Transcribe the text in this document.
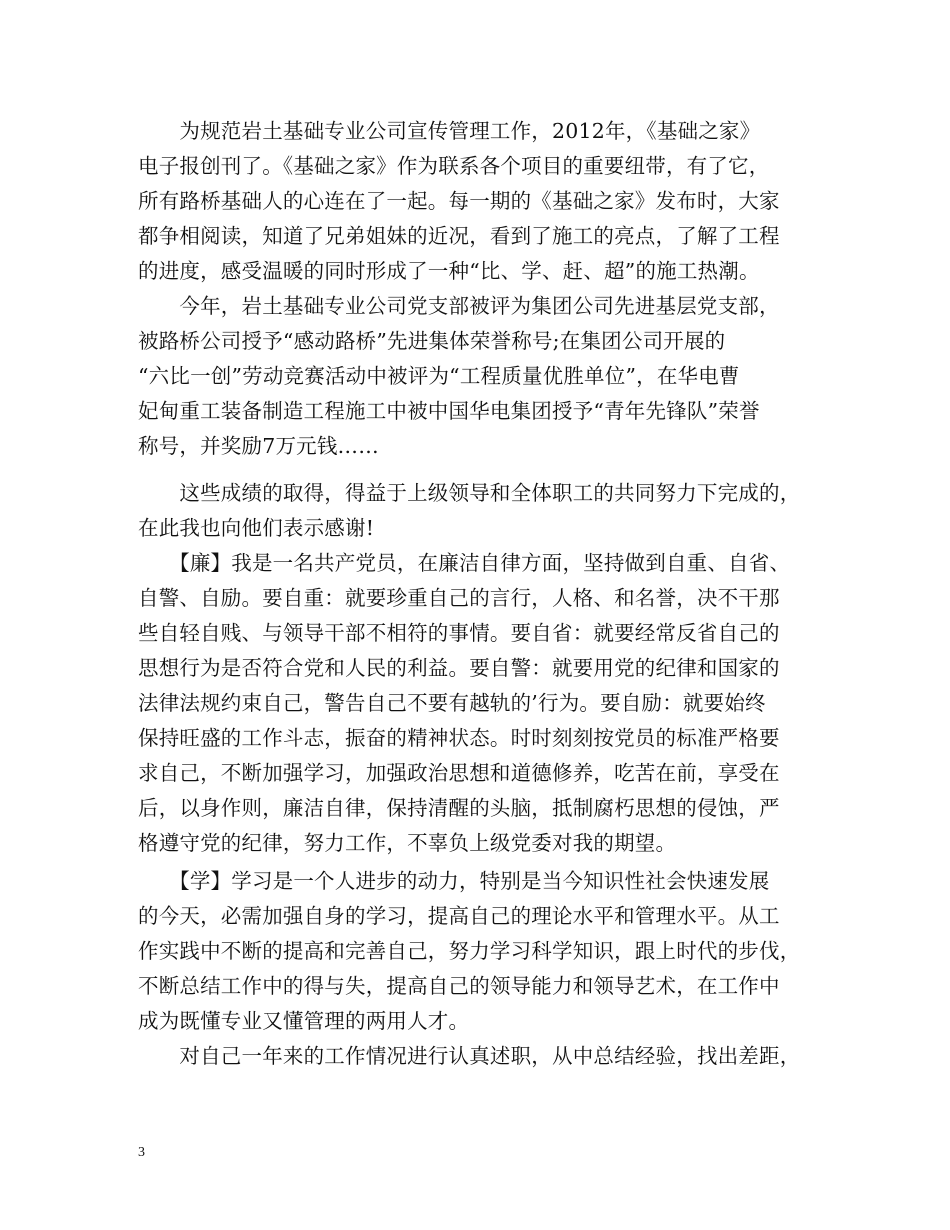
　　为规范岩土基础专业公司宣传管理工作，2012年，《基础之家》
电子报创刊了。《基础之家》作为联系各个项目的重要纽带，有了它，
所有路桥基础人的心连在了一起。每一期的《基础之家》发布时，大家
都争相阅读，知道了兄弟姐妹的近况，看到了施工的亮点，了解了工程
的进度，感受温暖的同时形成了一种“比、学、赶、超”的施工热潮。
　　今年，岩土基础专业公司党支部被评为集团公司先进基层党支部，
被路桥公司授予“感动路桥”先进集体荣誉称号;在集团公司开展的
“六比一创”劳动竞赛活动中被评为“工程质量优胜单位”，在华电曹
妃甸重工装备制造工程施工中被中国华电集团授予“青年先锋队”荣誉
称号，并奖励7万元钱……
　　这些成绩的取得，得益于上级领导和全体职工的共同努力下完成的，
在此我也向他们表示感谢!
　　【廉】我是一名共产党员，在廉洁自律方面，坚持做到自重、自省、
自警、自励。要自重：就要珍重自己的言行，人格、和名誉，决不干那
些自轻自贱、与领导干部不相符的事情。要自省：就要经常反省自己的
思想行为是否符合党和人民的利益。要自警：就要用党的纪律和国家的
法律法规约束自己，警告自己不要有越轨的’行为。要自励：就要始终
保持旺盛的工作斗志，振奋的精神状态。时时刻刻按党员的标准严格要
求自己，不断加强学习，加强政治思想和道德修养，吃苦在前，享受在
后，以身作则，廉洁自律，保持清醒的头脑，抵制腐朽思想的侵蚀，严
格遵守党的纪律，努力工作，不辜负上级党委对我的期望。
　　【学】学习是一个人进步的动力，特别是当今知识性社会快速发展
的今天，必需加强自身的学习，提高自己的理论水平和管理水平。从工
作实践中不断的提高和完善自己，努力学习科学知识，跟上时代的步伐，
不断总结工作中的得与失，提高自己的领导能力和领导艺术，在工作中
成为既懂专业又懂管理的两用人才。
　　对自己一年来的工作情况进行认真述职，从中总结经验，找出差距，
3
